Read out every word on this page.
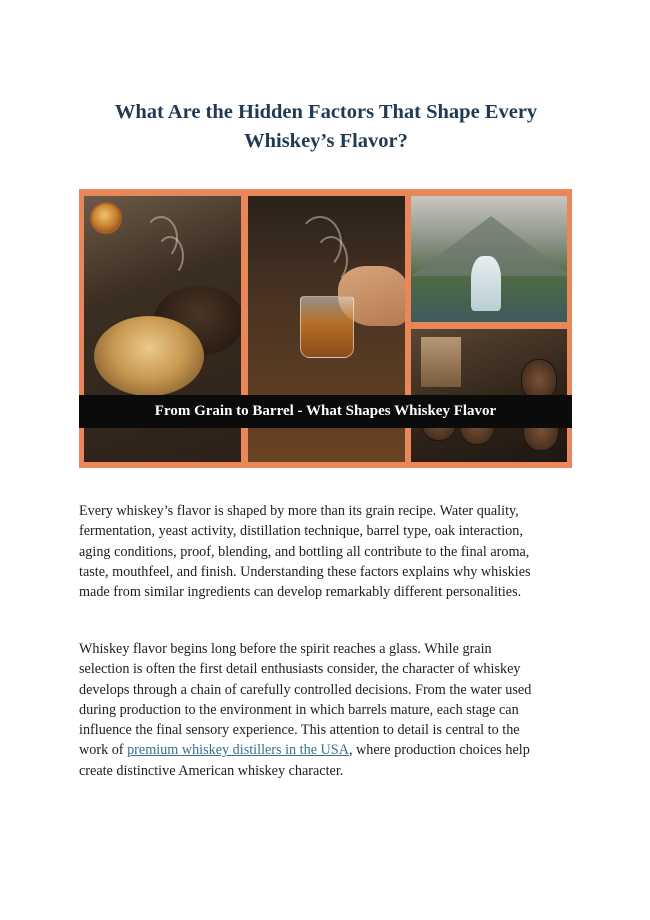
What Are the Hidden Factors That Shape Every
Whiskey’s Flavor?
From Grain to Barrel - What Shapes Whiskey Flavor

Every whiskey’s flavor is shaped by more than its grain recipe. Water quality,
fermentation, yeast activity, distillation technique, barrel type, oak interaction,
aging conditions, proof, blending, and bottling all contribute to the final aroma,
taste, mouthfeel, and finish. Understanding these factors explains why whiskies
made from similar ingredients can develop remarkably different personalities.

Whiskey flavor begins long before the spirit reaches a glass. While grain
selection is often the first detail enthusiasts consider, the character of whiskey
develops through a chain of carefully controlled decisions. From the water used
during production to the environment in which barrels mature, each stage can
influence the final sensory experience. This attention to detail is central to the
work of premium whiskey distillers in the USA, where production choices help
create distinctive American whiskey character.
